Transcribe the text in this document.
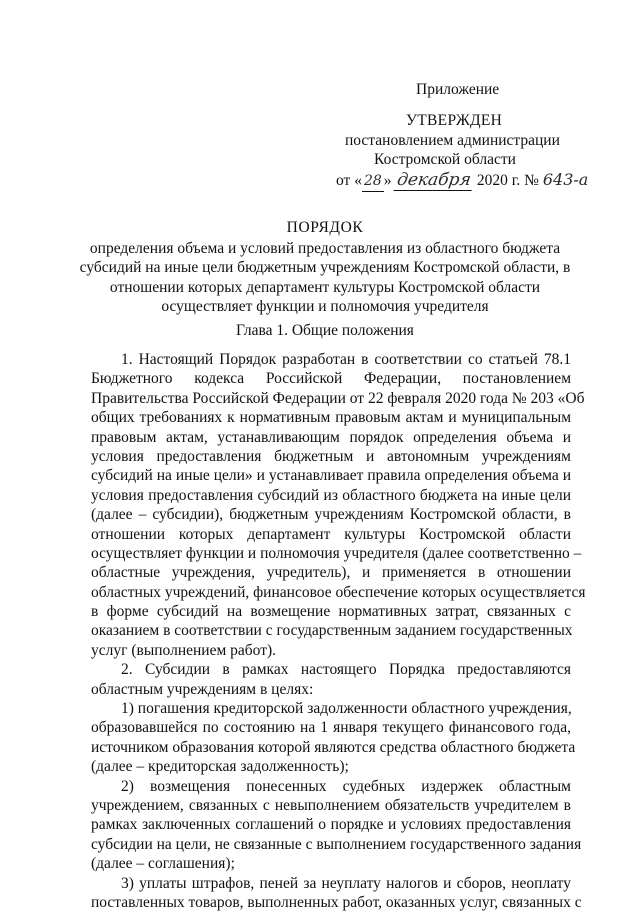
Приложение
УТВЕРЖДЕН
постановлением администрации
Костромской области
от « 28 » декабря 2020 г. № 643-а
ПОРЯДОК
определения объема и условий предоставления из областного бюджета
субсидий на иные цели бюджетным учреждениям Костромской области, в
отношении которых департамент культуры Костромской области
осуществляет функции и полномочия учредителя
Глава 1. Общие положения
1. Настоящий Порядок разработан в соответствии со статьей 78.1
Бюджетного кодекса Российской Федерации, постановлением
Правительства Российской Федерации от 22 февраля 2020 года № 203 «Об
общих требованиях к нормативным правовым актам и муниципальным
правовым актам, устанавливающим порядок определения объема и
условия предоставления бюджетным и автономным учреждениям
субсидий на иные цели» и устанавливает правила определения объема и
условия предоставления субсидий из областного бюджета на иные цели
(далее – субсидии), бюджетным учреждениям Костромской области, в
отношении которых департамент культуры Костромской области
осуществляет функции и полномочия учредителя (далее соответственно –
областные учреждения, учредитель), и применяется в отношении
областных учреждений, финансовое обеспечение которых осуществляется
в форме субсидий на возмещение нормативных затрат, связанных с
оказанием в соответствии с государственным заданием государственных
услуг (выполнением работ).
2. Субсидии в рамках настоящего Порядка предоставляются
областным учреждениям в целях:
1) погашения кредиторской задолженности областного учреждения,
образовавшейся по состоянию на 1 января текущего финансового года,
источником образования которой являются средства областного бюджета
(далее – кредиторская задолженность);
2) возмещения понесенных судебных издержек областным
учреждением, связанных с невыполнением обязательств учредителем в
рамках заключенных соглашений о порядке и условиях предоставления
субсидии на цели, не связанные с выполнением государственного задания
(далее – соглашения);
3) уплаты штрафов, пеней за неуплату налогов и сборов, неоплату
поставленных товаров, выполненных работ, оказанных услуг, связанных с
